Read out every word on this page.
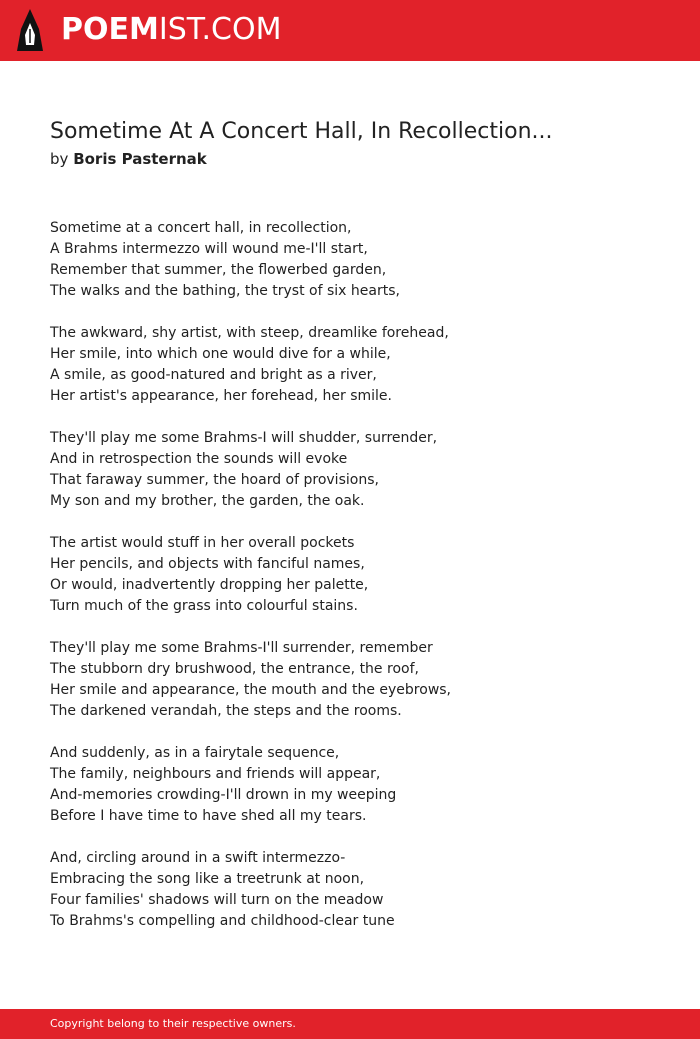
POEMIST.COM
Sometime At A Concert Hall, In Recollection...
by Boris Pasternak
Sometime at a concert hall, in recollection,
A Brahms intermezzo will wound me-I'll start,
Remember that summer, the flowerbed garden,
The walks and the bathing, the tryst of six hearts,
The awkward, shy artist, with steep, dreamlike forehead,
Her smile, into which one would dive for a while,
A smile, as good-natured and bright as a river,
Her artist's appearance, her forehead, her smile.
They'll play me some Brahms-I will shudder, surrender,
And in retrospection the sounds will evoke
That faraway summer, the hoard of provisions,
My son and my brother, the garden, the oak.
The artist would stuff in her overall pockets
Her pencils, and objects with fanciful names,
Or would, inadvertently dropping her palette,
Turn much of the grass into colourful stains.
They'll play me some Brahms-I'll surrender, remember
The stubborn dry brushwood, the entrance, the roof,
Her smile and appearance, the mouth and the eyebrows,
The darkened verandah, the steps and the rooms.
And suddenly, as in a fairytale sequence,
The family, neighbours and friends will appear,
And-memories crowding-I'll drown in my weeping
Before I have time to have shed all my tears.
And, circling around in a swift intermezzo-
Embracing the song like a treetrunk at noon,
Four families' shadows will turn on the meadow
To Brahms's compelling and childhood-clear tune
Copyright belong to their respective owners.
